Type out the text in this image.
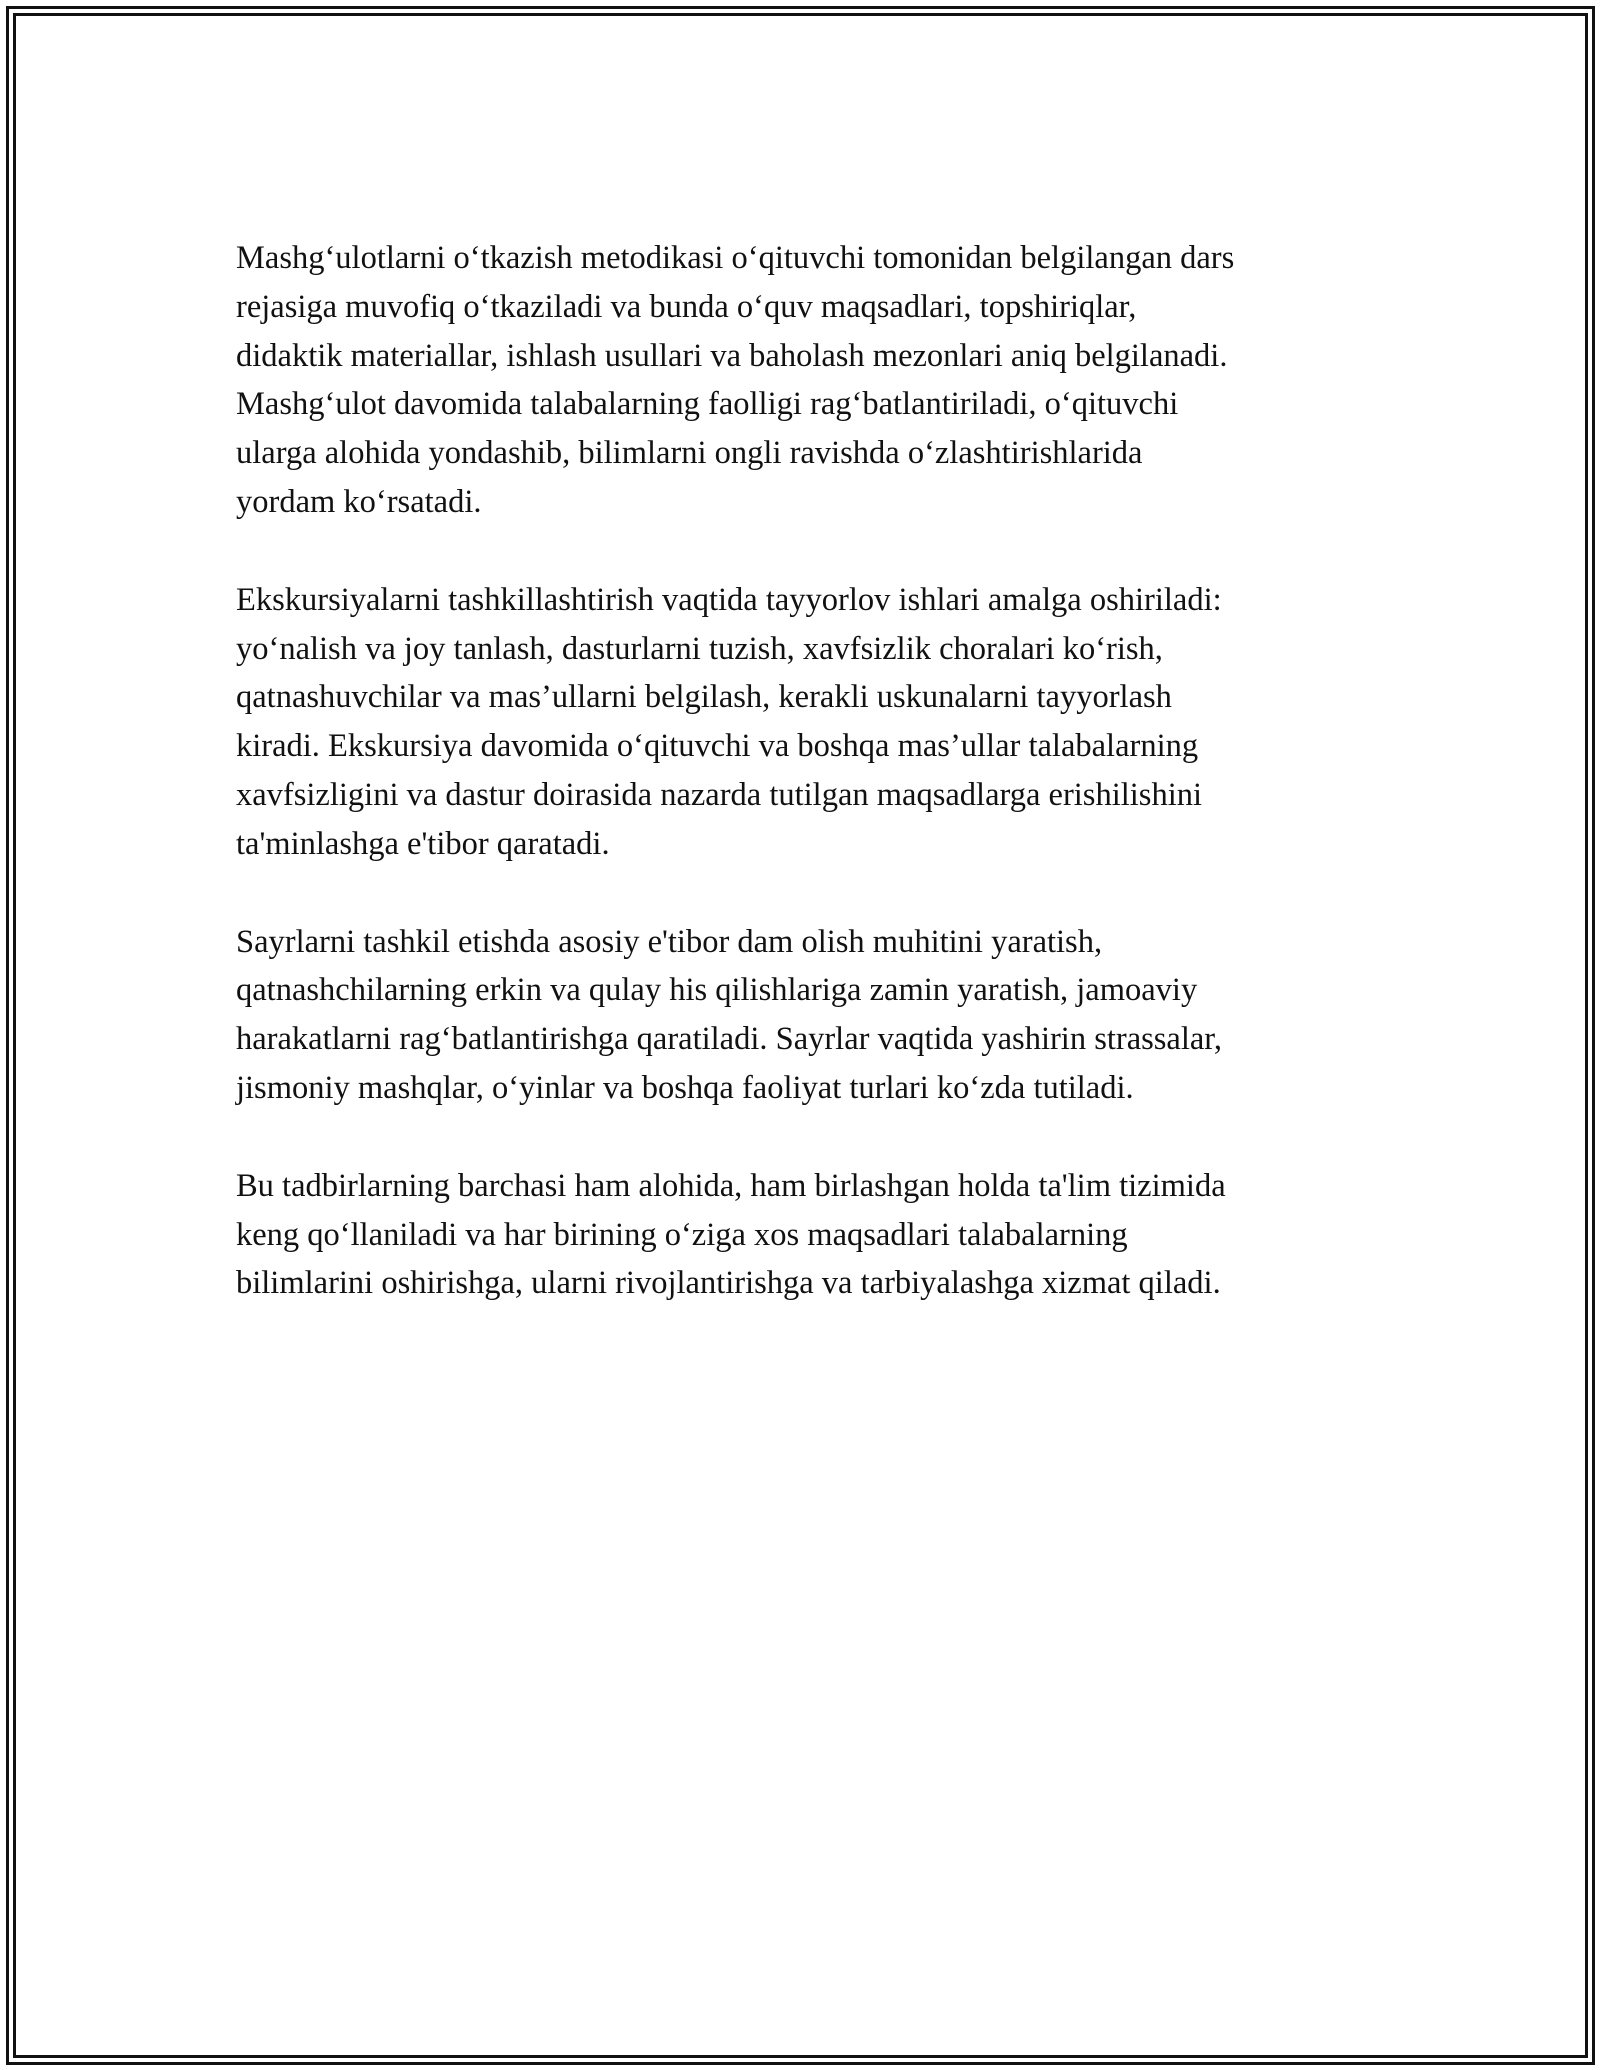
Mashg‘ulotlarni o‘tkazish metodikasi o‘qituvchi tomonidan belgilangan dars
rejasiga muvofiq o‘tkaziladi va bunda o‘quv maqsadlari, topshiriqlar,
didaktik materiallar, ishlash usullari va baholash mezonlari aniq belgilanadi.
Mashg‘ulot davomida talabalarning faolligi rag‘batlantiriladi, o‘qituvchi
ularga alohida yondashib, bilimlarni ongli ravishda o‘zlashtirishlarida
yordam ko‘rsatadi.

Ekskursiyalarni tashkillashtirish vaqtida tayyorlov ishlari amalga oshiriladi:
yo‘nalish va joy tanlash, dasturlarni tuzish, xavfsizlik choralari ko‘rish,
qatnashuvchilar va mas’ullarni belgilash, kerakli uskunalarni tayyorlash
kiradi. Ekskursiya davomida o‘qituvchi va boshqa mas’ullar talabalarning
xavfsizligini va dastur doirasida nazarda tutilgan maqsadlarga erishilishini
ta'minlashga e'tibor qaratadi.

Sayrlarni tashkil etishda asosiy e'tibor dam olish muhitini yaratish,
qatnashchilarning erkin va qulay his qilishlariga zamin yaratish, jamoaviy
harakatlarni rag‘batlantirishga qaratiladi. Sayrlar vaqtida yashirin strassalar,
jismoniy mashqlar, o‘yinlar va boshqa faoliyat turlari ko‘zda tutiladi.

Bu tadbirlarning barchasi ham alohida, ham birlashgan holda ta'lim tizimida
keng qo‘llaniladi va har birining o‘ziga xos maqsadlari talabalarning
bilimlarini oshirishga, ularni rivojlantirishga va tarbiyalashga xizmat qiladi.
